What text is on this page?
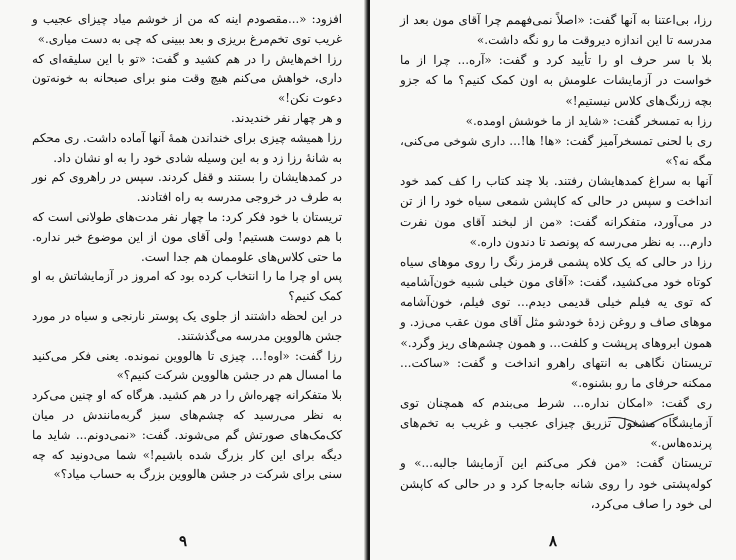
افزود: «...مقصودم اینه که من از خوشم میاد چیزای عجیب و غریب توی تخم‌مرغ بریزی و بعد ببینی که چی به دست میاری.»

رزا اخم‌هایش را در هم کشید و گفت: «تو با این سلیقه‌ای که داری، خواهش می‌کنم هیچ وقت منو برای صبحانه به خونه‌تون دعوت نکن!»

و هر چهار نفر خندیدند.

رزا همیشه چیزی برای خنداندن همهٔ آنها آماده داشت. ری محکم به شانهٔ رزا زد و به این وسیله شادی خود را به او نشان داد.

در کمدهایشان را بستند و قفل کردند. سپس در راهروی کم نور به طرف در خروجی مدرسه به راه افتادند.

تریستان با خود فکر کرد: ما چهار نفر مدت‌های طولانی است که با هم دوست هستیم! ولی آقای مون از این موضوع خبر نداره. ما حتی کلاس‌های علوممان هم جدا است.

پس او چرا ما را انتخاب کرده بود که امروز در آزمایشاتش به او کمک کنیم؟

در این لحظه داشتند از جلوی یک پوستر نارنجی و سیاه در مورد جشن هالووین مدرسه می‌گذشتند.

رزا گفت: «اوه!... چیزی تا هالووین نمونده. یعنی فکر می‌کنید ما امسال هم در جشن هالووین شرکت کنیم؟»

بلا متفکرانه چهره‌اش را در هم کشید. هرگاه که او چنین می‌کرد به نظر می‌رسید که چشم‌های سبز گربه‌مانندش در میان کک‌مک‌های صورتش گم می‌شوند. گفت: «نمی‌دونم... شاید ما دیگه برای این کار بزرگ شده باشیم!» شما می‌دونید که چه سنی برای شرکت در جشن هالووین بزرگ به حساب میاد؟»

۹

رزا، بی‌اعتنا به آنها گفت: «اصلاً نمی‌فهمم چرا آقای مون بعد از مدرسه تا این اندازه دیروقت ما رو نگه داشت.»

بلا با سر حرف او را تأیید کرد و گفت: «آره... چرا از ما خواست در آزمایشات علومش به اون کمک کنیم؟ ما که جزو بچه زرنگ‌های کلاس نیستیم!»

رزا به تمسخر گفت: «شاید از ما خوشش اومده.»

ری با لحنی تمسخرآمیز گفت: «ها! ها!... داری شوخی می‌کنی، مگه نه؟»

آنها به سراغ کمدهایشان رفتند. بلا چند کتاب را کف کمد خود انداخت و سپس در حالی که کاپشن شمعی سیاه خود را از تن در می‌آورد، متفکرانه گفت: «من از لبخند آقای مون نفرت دارم... به نظر می‌رسه که پونصد تا دندون داره.»

رزا در حالی که یک کلاه پشمی قرمز رنگ را روی موهای سیاه کوتاه خود می‌کشید، گفت: «آقای مون خیلی شبیه خون‌آشامیه که توی یه فیلم خیلی قدیمی دیدم... توی فیلم، خون‌آشامه موهای صاف و روغن زدهٔ خودشو مثل آقای مون عقب می‌زد. و همون ابروهای پرپشت و کلفت... و همون چشم‌های ریز وگرد.»

تریستان نگاهی به انتهای راهرو انداخت و گفت: «ساکت... ممکنه حرفای ما رو بشنوه.»

ری گفت: «امکان نداره... شرط می‌بندم که همچنان توی آزمایشگاه مشغول تزریق چیزای عجیب و غریب به تخم‌های پرنده‌هاس.»

تریستان گفت: «من فکر می‌کنم این آزمایشا جالبه...» و کوله‌پشتی خود را روی شانه جابه‌جا کرد و در حالی که کاپشن لی خود را صاف می‌کرد،

۸
